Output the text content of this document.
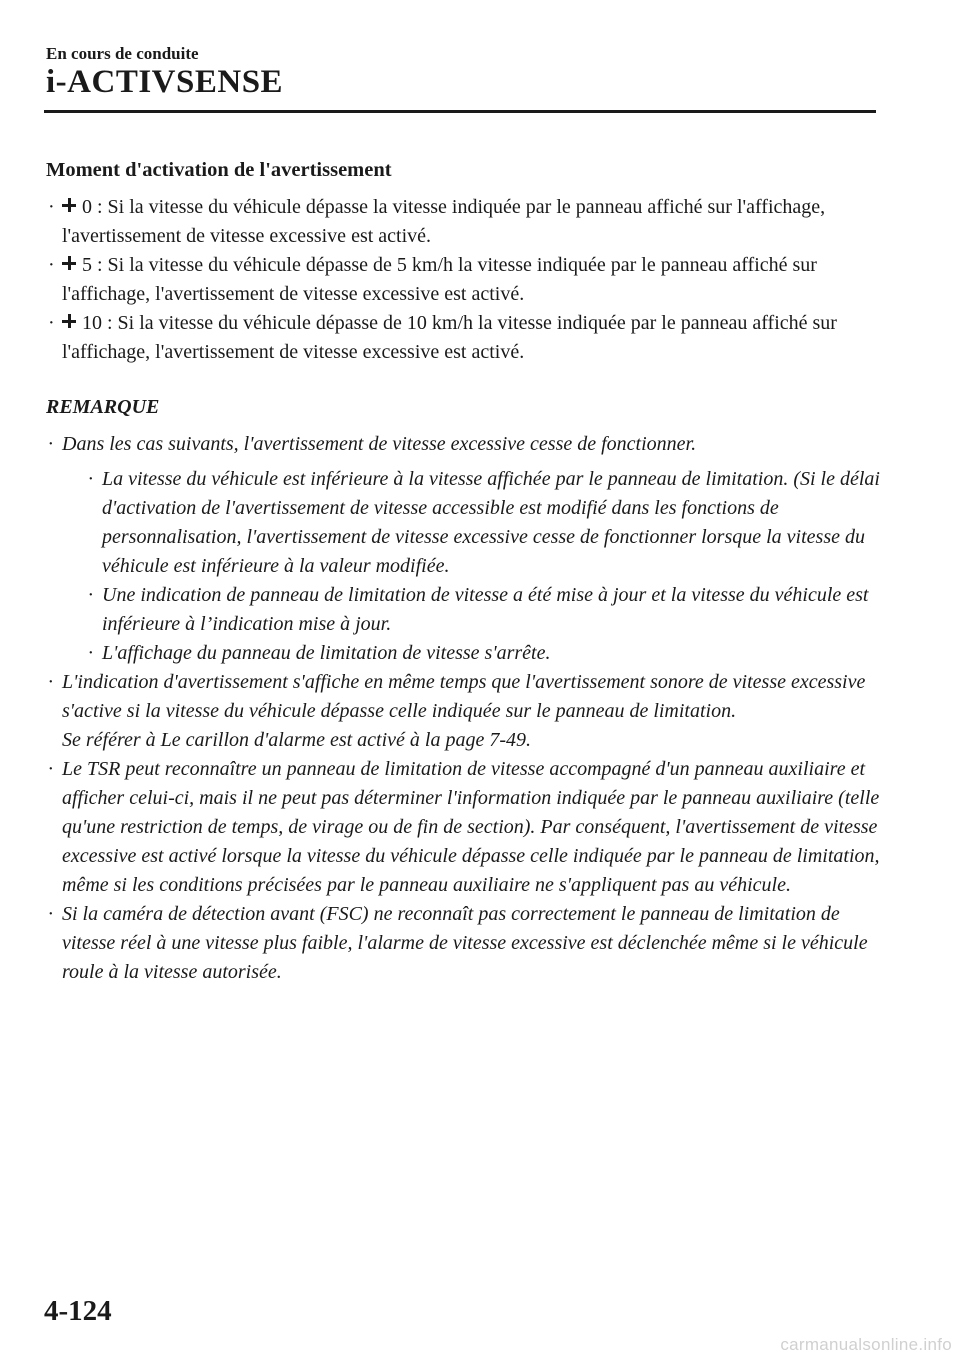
En cours de conduite
i-ACTIVSENSE
Moment d'activation de l'avertissement
· 0 : Si la vitesse du véhicule dépasse la vitesse indiquée par le panneau affiché sur l'affichage, l'avertissement de vitesse excessive est activé.
· 5 : Si la vitesse du véhicule dépasse de 5 km/h la vitesse indiquée par le panneau affiché sur l'affichage, l'avertissement de vitesse excessive est activé.
· 10 : Si la vitesse du véhicule dépasse de 10 km/h la vitesse indiquée par le panneau affiché sur l'affichage, l'avertissement de vitesse excessive est activé.
REMARQUE
· Dans les cas suivants, l'avertissement de vitesse excessive cesse de fonctionner.
· La vitesse du véhicule est inférieure à la vitesse affichée par le panneau de limitation. (Si le délai d'activation de l'avertissement de vitesse accessible est modifié dans les fonctions de personnalisation, l'avertissement de vitesse excessive cesse de fonctionner lorsque la vitesse du véhicule est inférieure à la valeur modifiée.
· Une indication de panneau de limitation de vitesse a été mise à jour et la vitesse du véhicule est inférieure à l’indication mise à jour.
· L'affichage du panneau de limitation de vitesse s'arrête.
· L'indication d'avertissement s'affiche en même temps que l'avertissement sonore de vitesse excessive s'active si la vitesse du véhicule dépasse celle indiquée sur le panneau de limitation.
Se référer à Le carillon d'alarme est activé à la page 7-49.
· Le TSR peut reconnaître un panneau de limitation de vitesse accompagné d'un panneau auxiliaire et afficher celui-ci, mais il ne peut pas déterminer l'information indiquée par le panneau auxiliaire (telle qu'une restriction de temps, de virage ou de fin de section). Par conséquent, l'avertissement de vitesse excessive est activé lorsque la vitesse du véhicule dépasse celle indiquée par le panneau de limitation, même si les conditions précisées par le panneau auxiliaire ne s'appliquent pas au véhicule.
· Si la caméra de détection avant (FSC) ne reconnaît pas correctement le panneau de limitation de vitesse réel à une vitesse plus faible, l'alarme de vitesse excessive est déclenchée même si le véhicule roule à la vitesse autorisée.
4-124
carmanualsonline.info
